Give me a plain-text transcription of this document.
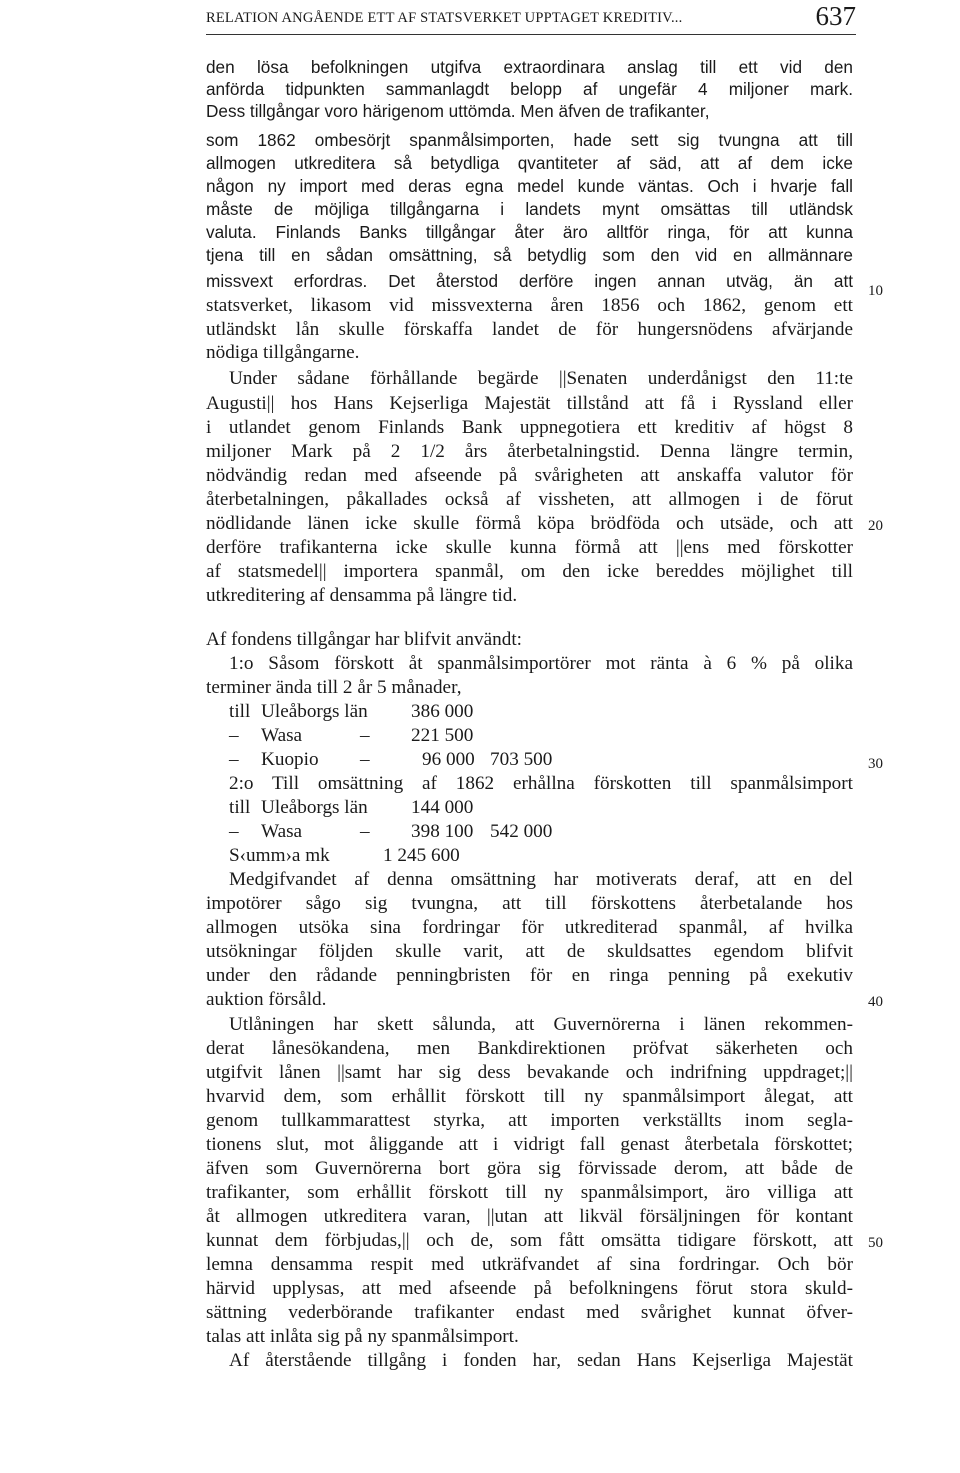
RELATION ANGÅENDE ETT AF STATSVERKET UPPTAGET KREDITIV...	637
den lösa befolkningen utgifva extraordinara anslag till ett vid den
anförda tidpunkten sammanlagdt belopp af ungefär 4 miljoner mark.
Dess tillgångar voro härigenom uttömda. Men äfven de trafikanter,
som 1862 ombesörjt spanmålsimporten, hade sett sig tvungna att till
allmogen utkreditera så betydliga qvantiteter af säd, att af dem icke
någon ny import med deras egna medel kunde väntas. Och i hvarje fall
måste de möjliga tillgångarna i landets mynt omsättas till utländsk
valuta. Finlands Banks tillgångar åter äro alltför ringa, för att kunna
tjena till en sådan omsättning, så betydlig som den vid en allmännare
missvext erfordras. Det återstod derföre ingen annan utväg, än att
statsverket, likasom vid missvexterna åren 1856 och 1862, genom ett
utländskt lån skulle förskaffa landet de för hungersnödens afvärjande
nödiga tillgångarne.
Under sådane förhållande begärde ||Senaten underdånigst den 11:te
Augusti|| hos Hans Kejserliga Majestät tillstånd att få i Ryssland eller
i utlandet genom Finlands Bank uppnegotiera ett kreditiv af högst 8
miljoner Mark på 2 1/2 års återbetalningstid. Denna längre termin,
nödvändig redan med afseende på svårigheten att anskaffa valutor för
återbetalningen, påkallades också af vissheten, att allmogen i de förut
nödlidande länen icke skulle förmå köpa brödföda och utsäde, och att
derföre trafikanterna icke skulle kunna förmå att ||ens med förskotter
af statsmedel|| importera spanmål, om den icke bereddes möjlighet till
utkreditering af densamma på längre tid.
Af fondens tillgångar har blifvit användt:
1:o Såsom förskott åt spanmålsimportörer mot ränta à 6 % på olika
terminer ända till 2 år 5 månader,
till Uleåborgs län 386 000
– Wasa	– 221 500
– Kuopio –	96 000 703 500
2:o Till omsättning af 1862 erhållna förskotten till spanmålsimport
till Uleåborgs län 144 000
– Wasa	– 398 100 542 000
S‹umm›a mk	1 245 600
Medgifvandet af denna omsättning har motiverats deraf, att en del
impotörer sågo sig tvungna, att till förskottens återbetalande hos
allmogen utsöka sina fordringar för utkrediterad spanmål, af hvilka
utsökningar följden skulle varit, att de skuldsattes egendom blifvit
under den rådande penningbristen för en ringa penning på exekutiv
auktion försåld.
Utlåningen har skett sålunda, att Guvernörerna i länen rekommen-
derat lånesökandena, men Bankdirektionen pröfvat säkerheten och
utgifvit lånen ||samt har sig dess bevakande och indrifning uppdraget;||
hvarvid dem, som erhållit förskott till ny spanmålsimport ålegat, att
genom tullkammarattest styrka, att importen verkställts inom segla-
tionens slut, mot åliggande att i vidrigt fall genast återbetala förskottet;
äfven som Guvernörerna bort göra sig förvissade derom, att både de
trafikanter, som erhållit förskott till ny spanmålsimport, äro villiga att
åt allmogen utkreditera varan, ||utan att likväl försäljningen för kontant
kunnat dem förbjudas,|| och de, som fått omsätta tidigare förskott, att
lemna densamma respit med utkräfvandet af sina fordringar. Och bör
härvid upplysas, att med afseende på befolkningens förut stora skuld-
sättning vederbörande trafikanter endast med svårighet kunnat öfver-
talas att inlåta sig på ny spanmålsimport.
Af återstående tillgång i fonden har, sedan Hans Kejserliga Majestät
10
20
30
40
50
